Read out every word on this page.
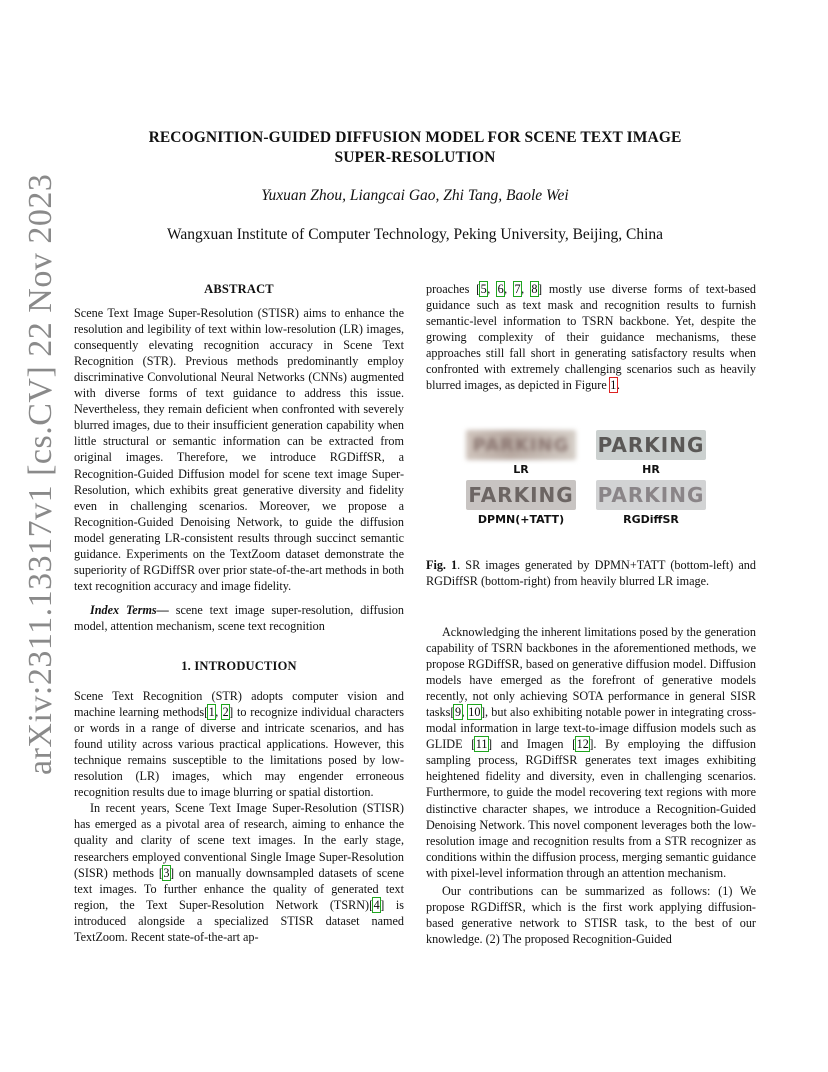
arXiv:2311.13317v1 [cs.CV] 22 Nov 2023
RECOGNITION-GUIDED DIFFUSION MODEL FOR SCENE TEXT IMAGE
SUPER-RESOLUTION
Yuxuan Zhou, Liangcai Gao, Zhi Tang, Baole Wei
Wangxuan Institute of Computer Technology, Peking University, Beijing, China
ABSTRACT

Scene Text Image Super-Resolution (STISR) aims to enhance the resolution and legibility of text within low-resolution (LR) images, consequently elevating recognition accuracy in Scene Text Recognition (STR). Previous methods predominantly employ discriminative Convolutional Neural Networks (CNNs) augmented with diverse forms of text guidance to address this issue. Nevertheless, they remain deficient when confronted with severely blurred images, due to their insufficient generation capability when little structural or semantic information can be extracted from original images. Therefore, we introduce RGDiffSR, a Recognition-Guided Diffusion model for scene text image Super-Resolution, which exhibits great generative diversity and fidelity even in challenging scenarios. Moreover, we propose a Recognition-Guided Denoising Network, to guide the diffusion model generating LR-consistent results through succinct semantic guidance. Experiments on the TextZoom dataset demonstrate the superiority of RGDiffSR over prior state-of-the-art methods in both text recognition accuracy and image fidelity.

Index Terms— scene text image super-resolution, diffusion model, attention mechanism, scene text recognition

1. INTRODUCTION

Scene Text Recognition (STR) adopts computer vision and machine learning methods[1, 2] to recognize individual characters or words in a range of diverse and intricate scenarios, and has found utility across various practical applications. However, this technique remains susceptible to the limitations posed by low-resolution (LR) images, which may engender erroneous recognition results due to image blurring or spatial distortion.

In recent years, Scene Text Image Super-Resolution (STISR) has emerged as a pivotal area of research, aiming to enhance the quality and clarity of scene text images. In the early stage, researchers employed conventional Single Image Super-Resolution (SISR) methods [3] on manually downsampled datasets of scene text images. To further enhance the quality of generated text region, the Text Super-Resolution Network (TSRN)[4] is introduced alongside a specialized STISR dataset named TextZoom. Recent state-of-the-art ap-

proaches [5, 6, 7, 8] mostly use diverse forms of text-based guidance such as text mask and recognition results to furnish semantic-level information to TSRN backbone. Yet, despite the growing complexity of their guidance mechanisms, these approaches still fall short in generating satisfactory results when confronted with extremely challenging scenarios such as heavily blurred images, as depicted in Figure 1.

PARKING
LR
PARKING
HR
FARKING
DPMN(+TATT)
PARKING
RGDiffSR
Fig. 1. SR images generated by DPMN+TATT (bottom-left) and RGDiffSR (bottom-right) from heavily blurred LR image.

Acknowledging the inherent limitations posed by the generation capability of TSRN backbones in the aforementioned methods, we propose RGDiffSR, based on generative diffusion model. Diffusion models have emerged as the forefront of generative models recently, not only achieving SOTA performance in general SISR tasks[9, 10], but also exhibiting notable power in integrating cross-modal information in large text-to-image diffusion models such as GLIDE [11] and Imagen [12]. By employing the diffusion sampling process, RGDiffSR generates text images exhibiting heightened fidelity and diversity, even in challenging scenarios. Furthermore, to guide the model recovering text regions with more distinctive character shapes, we introduce a Recognition-Guided Denoising Network. This novel component leverages both the low-resolution image and recognition results from a STR recognizer as conditions within the diffusion process, merging semantic guidance with pixel-level information through an attention mechanism.

Our contributions can be summarized as follows: (1) We propose RGDiffSR, which is the first work applying diffusion-based generative network to STISR task, to the best of our knowledge. (2) The proposed Recognition-Guided
